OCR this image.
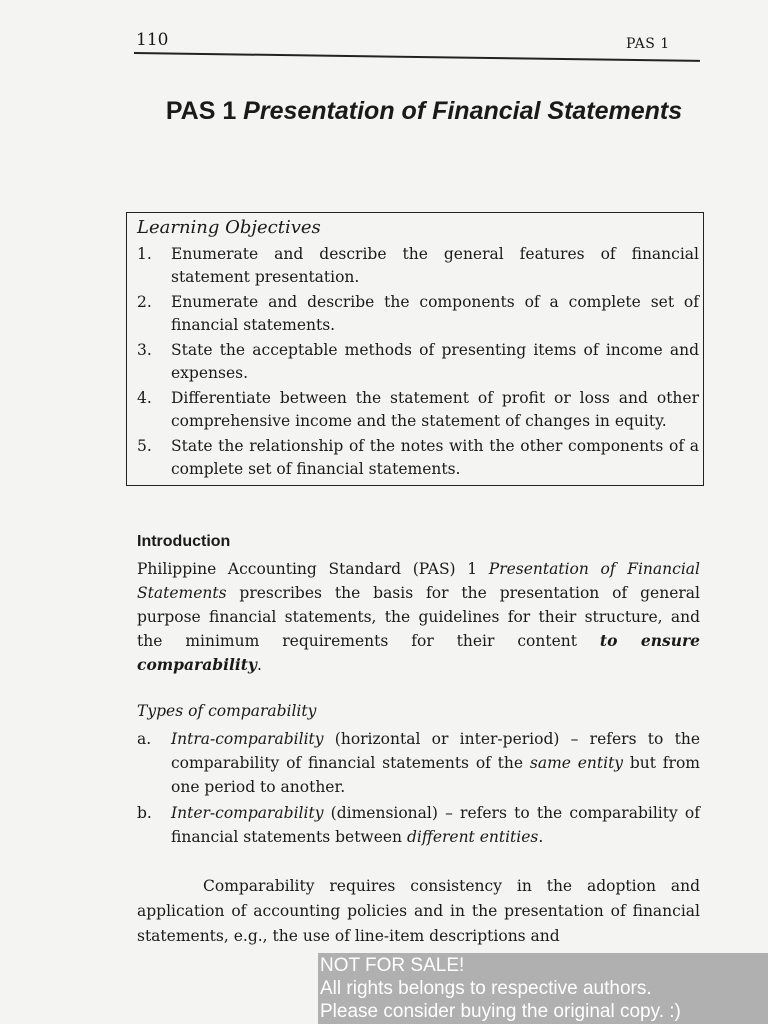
110	PAS 1
PAS 1 Presentation of Financial Statements
Learning Objectives
1. Enumerate and describe the general features of financial statement presentation.
2. Enumerate and describe the components of a complete set of financial statements.
3. State the acceptable methods of presenting items of income and expenses.
4. Differentiate between the statement of profit or loss and other comprehensive income and the statement of changes in equity.
5. State the relationship of the notes with the other components of a complete set of financial statements.
Introduction
Philippine Accounting Standard (PAS) 1 Presentation of Financial Statements prescribes the basis for the presentation of general purpose financial statements, the guidelines for their structure, and the minimum requirements for their content to ensure comparability.
Types of comparability
a. Intra-comparability (horizontal or inter-period) – refers to the comparability of financial statements of the same entity but from one period to another.
b. Inter-comparability (dimensional) – refers to the comparability of financial statements between different entities.
Comparability requires consistency in the adoption and application of accounting policies and in the presentation of financial statements, e.g., the use of line-item descriptions and
NOT FOR SALE!
All rights belongs to respective authors.
Please consider buying the original copy. :)
